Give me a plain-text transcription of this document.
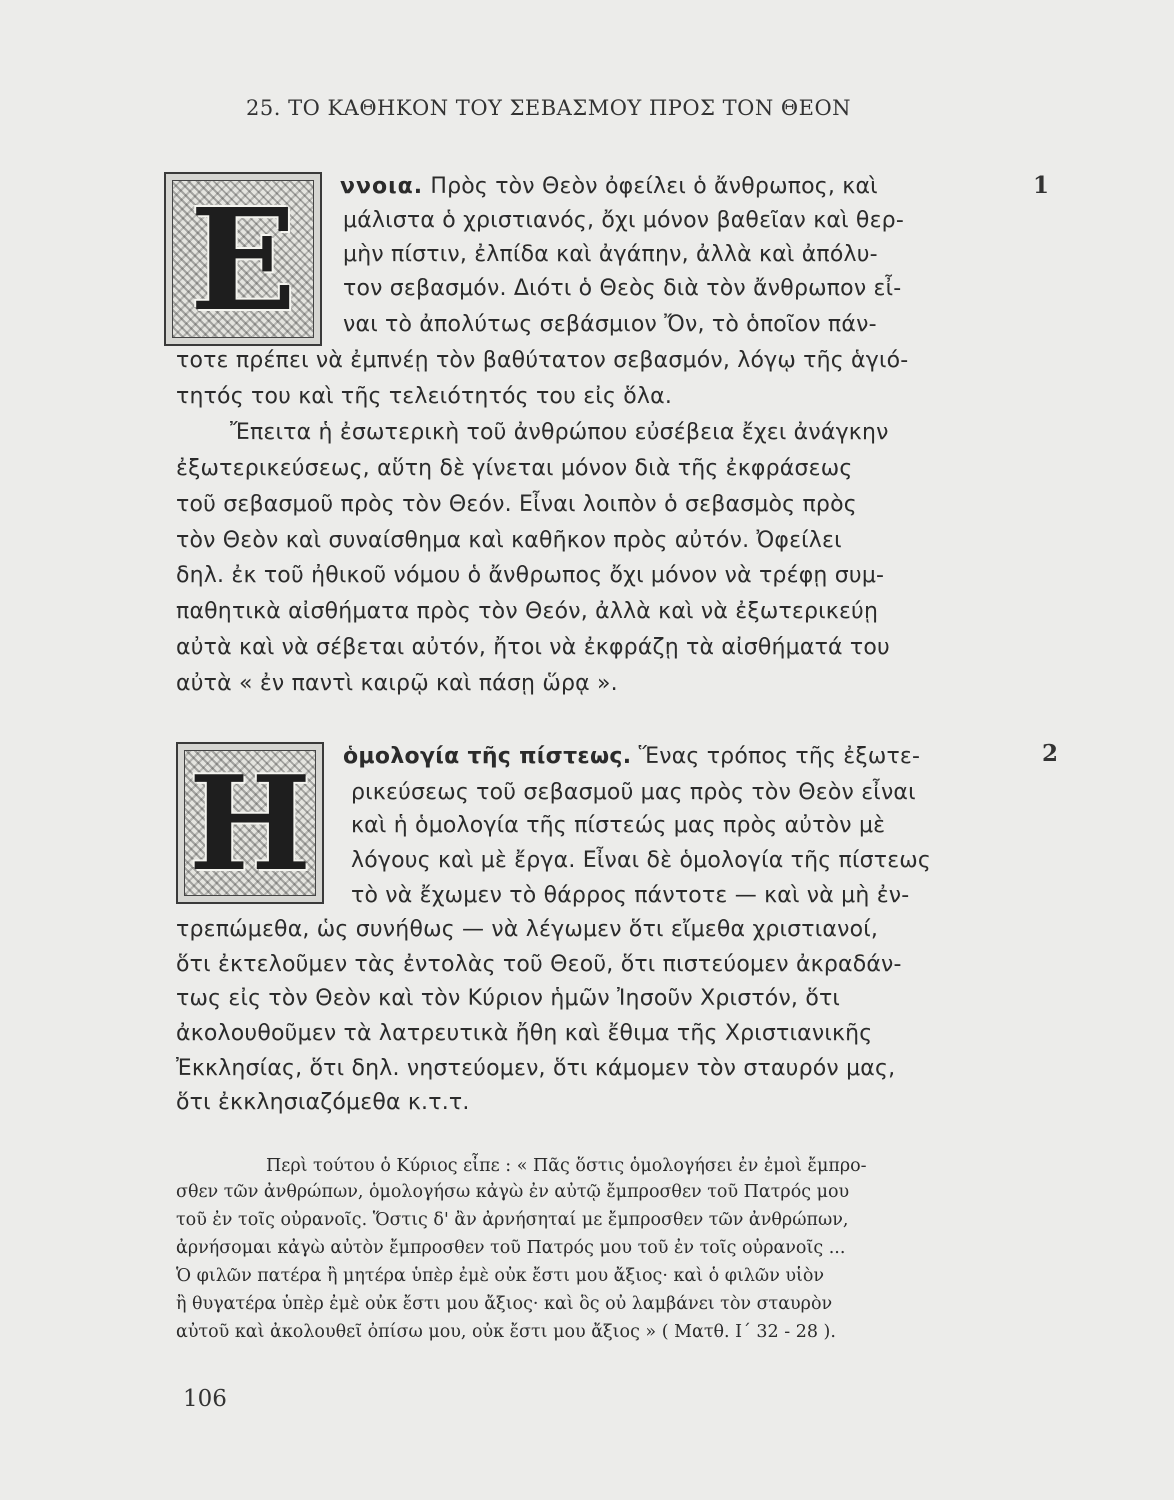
25. ΤΟ ΚΑΘΗΚΟΝ ΤΟΥ ΣΕΒΑΣΜΟΥ ΠΡΟΣ ΤΟΝ ΘΕΟΝ
E	1
ννοια. Πρὸς τὸν Θεὸν ὀφείλει ὁ ἄνθρωπος, καὶ
μάλιστα ὁ χριστιανός, ὄχι μόνον βαθεῖαν καὶ θερ-
μὴν πίστιν, ἐλπίδα καὶ ἀγάπην, ἀλλὰ καὶ ἀπόλυ-
τον σεβασμόν. Διότι ὁ Θεὸς διὰ τὸν ἄνθρωπον εἶ-
ναι τὸ ἀπολύτως σεβάσμιον Ὄν, τὸ ὁποῖον πάν-
τοτε πρέπει νὰ ἐμπνέῃ τὸν βαθύτατον σεβασμόν, λόγῳ τῆς ἁγιό-
τητός του καὶ τῆς τελειότητός του εἰς ὅλα.
Ἔπειτα ἡ ἐσωτερικὴ τοῦ ἀνθρώπου εὐσέβεια ἔχει ἀνάγκην
ἐξωτερικεύσεως, αὕτη δὲ γίνεται μόνον διὰ τῆς ἐκφράσεως
τοῦ σεβασμοῦ πρὸς τὸν Θεόν. Εἶναι λοιπὸν ὁ σεβασμὸς πρὸς
τὸν Θεὸν καὶ συναίσθημα καὶ καθῆκον πρὸς αὐτόν. Ὀφείλει
δηλ. ἐκ τοῦ ἠθικοῦ νόμου ὁ ἄνθρωπος ὄχι μόνον νὰ τρέφῃ συμ-
παθητικὰ αἰσθήματα πρὸς τὸν Θεόν, ἀλλὰ καὶ νὰ ἐξωτερικεύῃ
αὐτὰ καὶ νὰ σέβεται αὐτόν, ἤτοι νὰ ἐκφράζῃ τὰ αἰσθήματά του
αὐτὰ « ἐν παντὶ καιρῷ καὶ πάσῃ ὥρᾳ ».
H	2
ὁμολογία τῆς πίστεως. Ἕνας τρόπος τῆς ἐξωτε-
ρικεύσεως τοῦ σεβασμοῦ μας πρὸς τὸν Θεὸν εἶναι
καὶ ἡ ὁμολογία τῆς πίστεώς μας πρὸς αὐτὸν μὲ
λόγους καὶ μὲ ἔργα. Εἶναι δὲ ὁμολογία τῆς πίστεως
τὸ νὰ ἔχωμεν τὸ θάρρος πάντοτε — καὶ νὰ μὴ ἐν-
τρεπώμεθα, ὡς συνήθως — νὰ λέγωμεν ὅτι εἴμεθα χριστιανοί,
ὅτι ἐκτελοῦμεν τὰς ἐντολὰς τοῦ Θεοῦ, ὅτι πιστεύομεν ἀκραδάν-
τως εἰς τὸν Θεὸν καὶ τὸν Κύριον ἡμῶν Ἰησοῦν Χριστόν, ὅτι
ἀκολουθοῦμεν τὰ λατρευτικὰ ἤθη καὶ ἔθιμα τῆς Χριστιανικῆς
Ἐκκλησίας, ὅτι δηλ. νηστεύομεν, ὅτι κάμομεν τὸν σταυρόν μας,
ὅτι ἐκκλησιαζόμεθα κ.τ.τ.
Περὶ τούτου ὁ Κύριος εἶπε : « Πᾶς ὅστις ὁμολογήσει ἐν ἐμοὶ ἔμπρο-
σθεν τῶν ἀνθρώπων, ὁμολογήσω κἀγὼ ἐν αὐτῷ ἔμπροσθεν τοῦ Πατρός μου
τοῦ ἐν τοῖς οὐρανοῖς. Ὅστις δ' ἂν ἀρνήσηταί με ἔμπροσθεν τῶν ἀνθρώπων,
ἀρνήσομαι κἀγὼ αὐτὸν ἔμπροσθεν τοῦ Πατρός μου τοῦ ἐν τοῖς οὐρανοῖς ...
Ὁ φιλῶν πατέρα ἢ μητέρα ὑπὲρ ἐμὲ οὐκ ἔστι μου ἄξιος· καὶ ὁ φιλῶν υἱὸν
ἢ θυγατέρα ὑπὲρ ἐμὲ οὐκ ἔστι μου ἄξιος· καὶ ὃς οὐ λαμβάνει τὸν σταυρὸν
αὐτοῦ καὶ ἀκολουθεῖ ὀπίσω μου, οὐκ ἔστι μου ἄξιος » ( Ματθ. Ι΄ 32 - 28 ).
106
